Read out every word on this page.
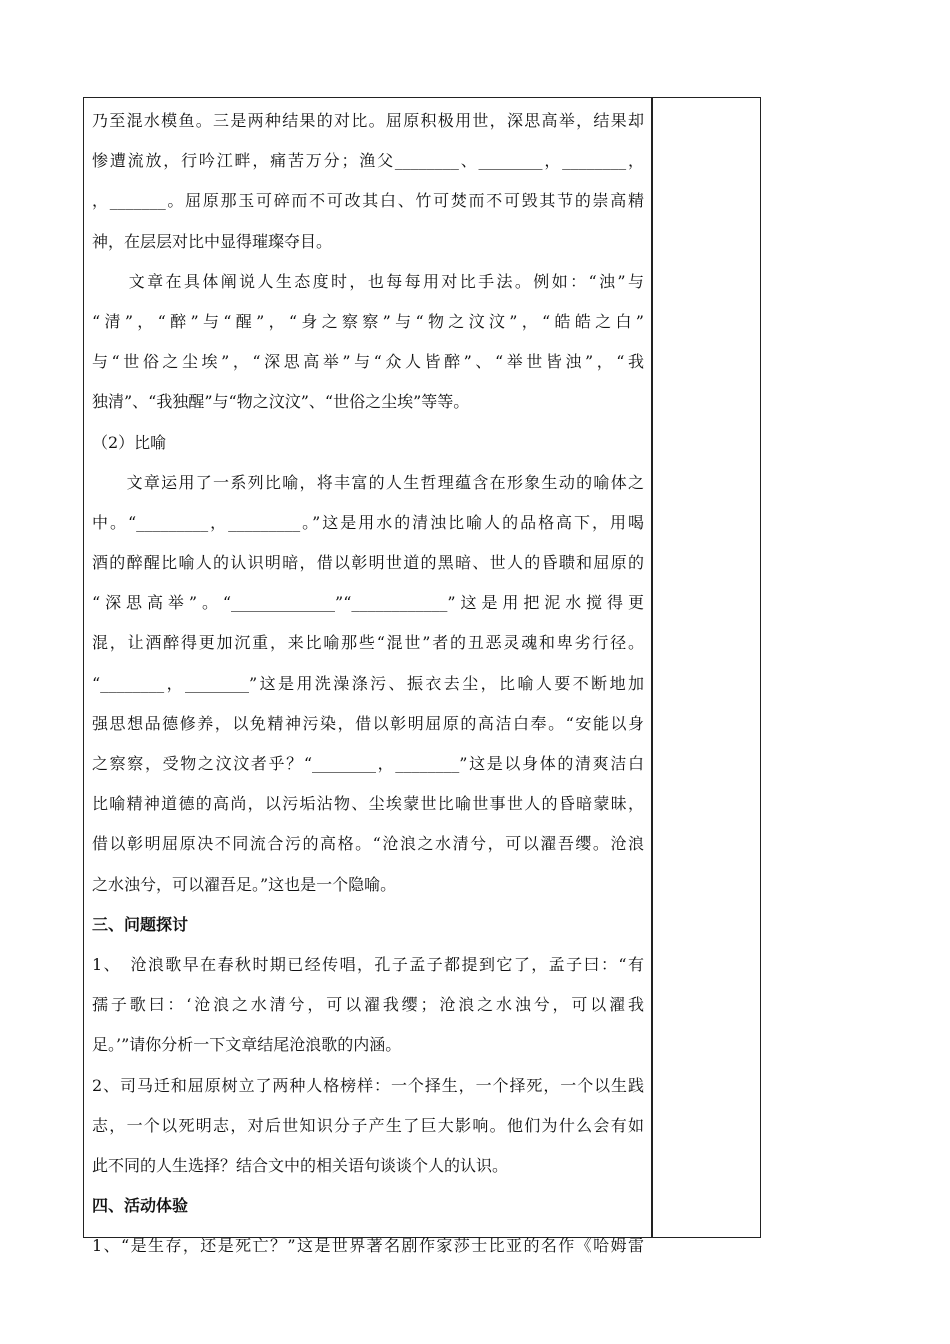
乃至混水模鱼。三是两种结果的对比。屈原积极用世，深思高举，结果却
惨遭流放，行吟江畔，痛苦万分；渔父________、________，________，
，_______。屈原那玉可碎而不可改其白、竹可焚而不可毁其节的崇高精
神，在层层对比中显得璀璨夺目。
　　文章在具体阐说人生态度时，也每每用对比手法。例如：“浊”与
“清”，“醉”与“醒”，“身之察察”与“物之汶汶”，“皓皓之白”
与“世俗之尘埃”，“深思高举”与“众人皆醉”、“举世皆浊”，“我
独清”、“我独醒”与“物之汶汶”、“世俗之尘埃”等等。
（2）比喻
　　文章运用了一系列比喻，将丰富的人生哲理蕴含在形象生动的喻体之
中。“_________，_________。”这是用水的清浊比喻人的品格高下，用喝
酒的醉醒比喻人的认识明暗，借以彰明世道的黑暗、世人的昏聩和屈原的
“深思高举”。“_____________”“____________”这是用把泥水搅得更
混，让酒醉得更加沉重，来比喻那些“混世”者的丑恶灵魂和卑劣行径。
“________，________”这是用洗澡涤污、振衣去尘，比喻人要不断地加
强思想品德修养，以免精神污染，借以彰明屈原的高洁白奉。“安能以身
之察察，受物之汶汶者乎？“________，________”这是以身体的清爽洁白
比喻精神道德的高尚，以污垢沾物、尘埃蒙世比喻世事世人的昏暗蒙昧，
借以彰明屈原决不同流合污的高格。“沧浪之水清兮，可以濯吾缨。沧浪
之水浊兮，可以濯吾足。”这也是一个隐喻。
三、问题探讨
1、　沧浪歌早在春秋时期已经传唱，孔子孟子都提到它了，孟子曰：“有
孺子歌曰：‘沧浪之水清兮，可以濯我缨；沧浪之水浊兮，可以濯我
足。’”请你分析一下文章结尾沧浪歌的内涵。
2、司马迁和屈原树立了两种人格榜样：一个择生，一个择死，一个以生践
志，一个以死明志，对后世知识分子产生了巨大影响。他们为什么会有如
此不同的人生选择？结合文中的相关语句谈谈个人的认识。
四、活动体验
1、“是生存，还是死亡？”这是世界著名剧作家莎士比亚的名作《哈姆雷
